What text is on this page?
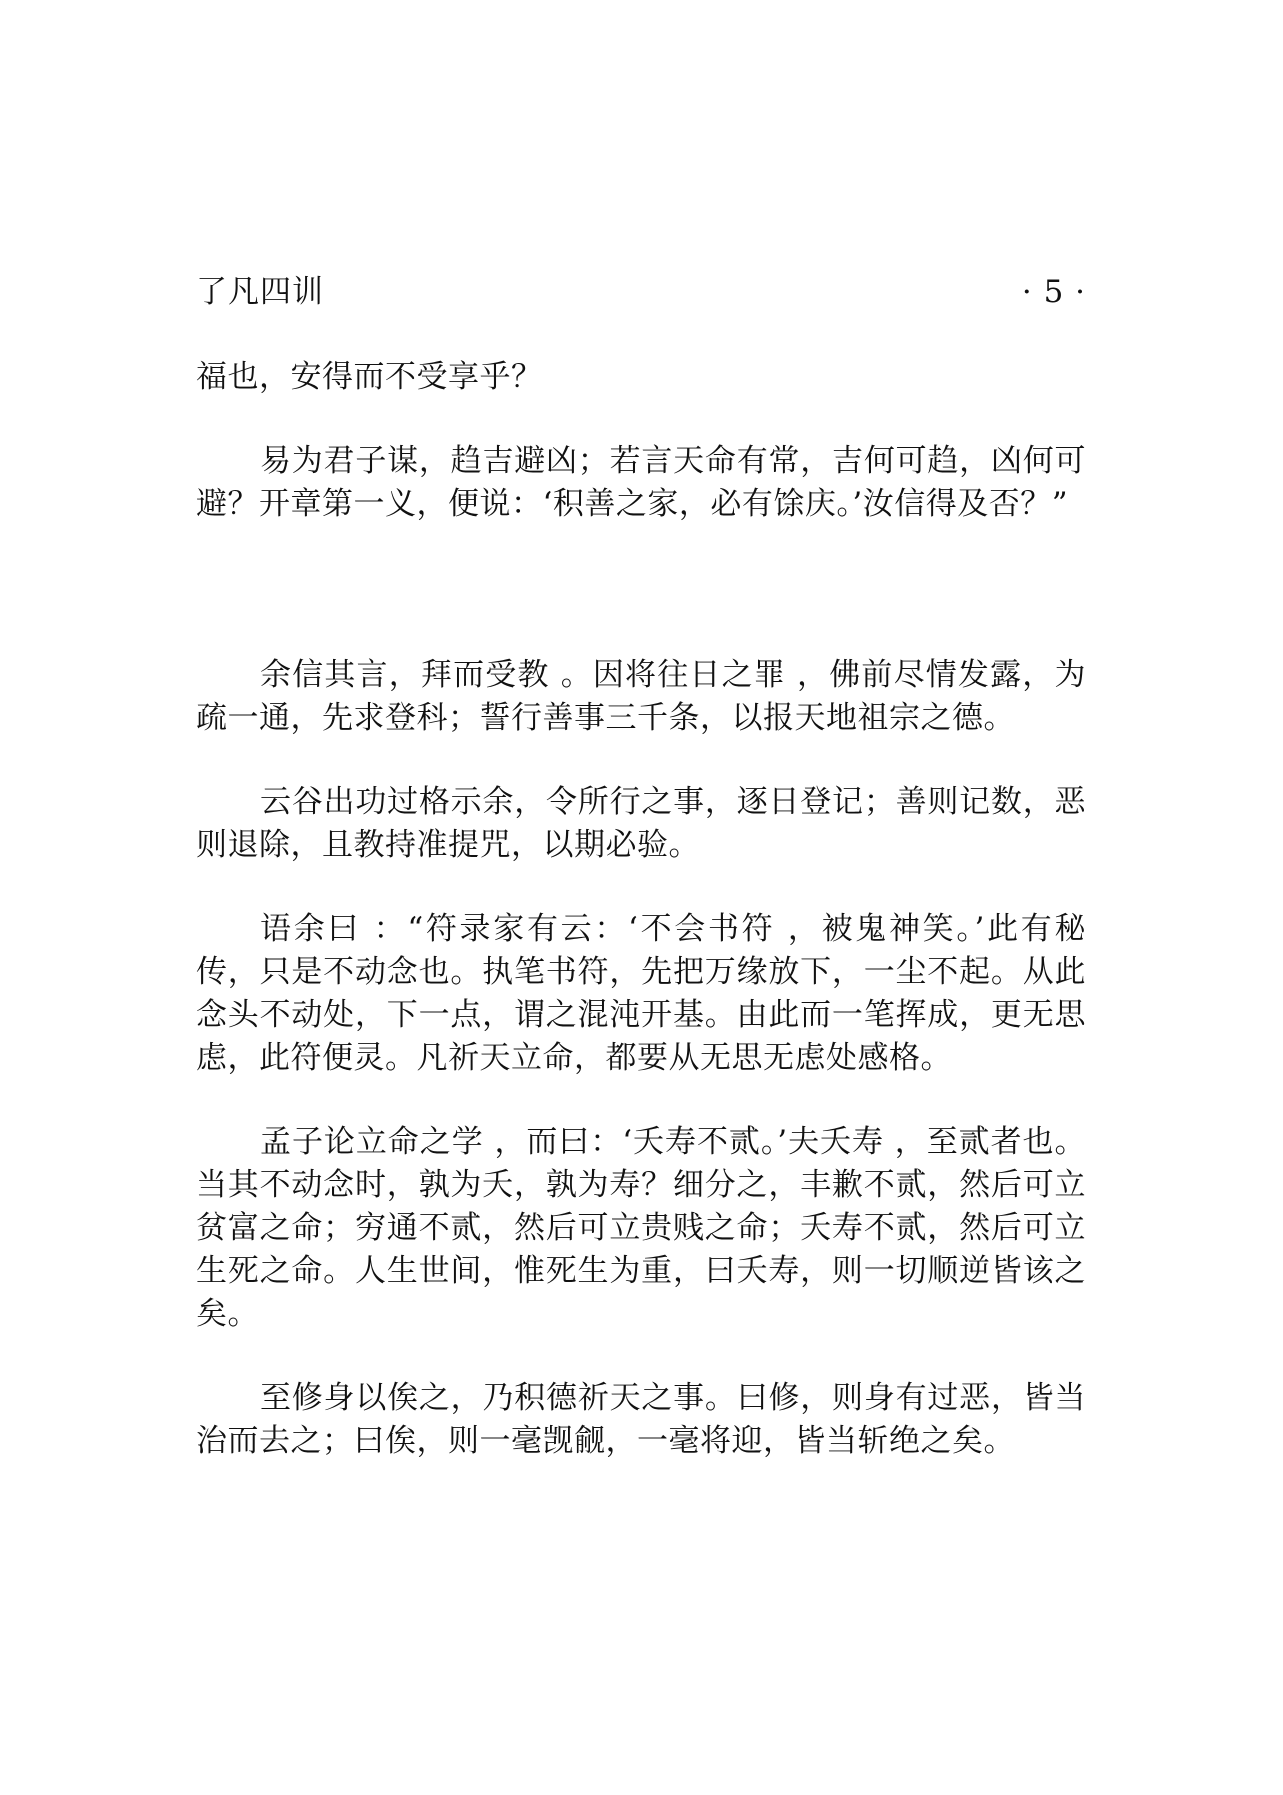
了凡四训	· 5 ·

福也，安得而不受享乎？

易为君子谋，趋吉避凶；若言天命有常，吉何可趋，凶何可避？开章第一义，便说：‘积善之家，必有馀庆。’汝信得及否？”

余信其言，拜而受教 。因将往日之罪 ，佛前尽情发露，为疏一通，先求登科；誓行善事三千条，以报天地祖宗之德。

云谷出功过格示余，令所行之事，逐日登记；善则记数，恶则退除，且教持准提咒，以期必验。

语余曰 ：“符录家有云：‘不会书符 ，被鬼神笑。’此有秘传，只是不动念也。执笔书符，先把万缘放下，一尘不起。从此念头不动处，下一点，谓之混沌开基。由此而一笔挥成，更无思虑，此符便灵。凡祈天立命，都要从无思无虑处感格。

孟子论立命之学 ，而曰：‘夭寿不贰。’夫夭寿 ，至贰者也。当其不动念时，孰为夭，孰为寿？细分之，丰歉不贰，然后可立贫富之命；穷通不贰，然后可立贵贱之命；夭寿不贰，然后可立生死之命。人生世间，惟死生为重，曰夭寿，则一切顺逆皆该之矣。

至修身以俟之，乃积德祈天之事。曰修，则身有过恶，皆当治而去之；曰俟，则一毫觊觎，一毫将迎，皆当斩绝之矣。
